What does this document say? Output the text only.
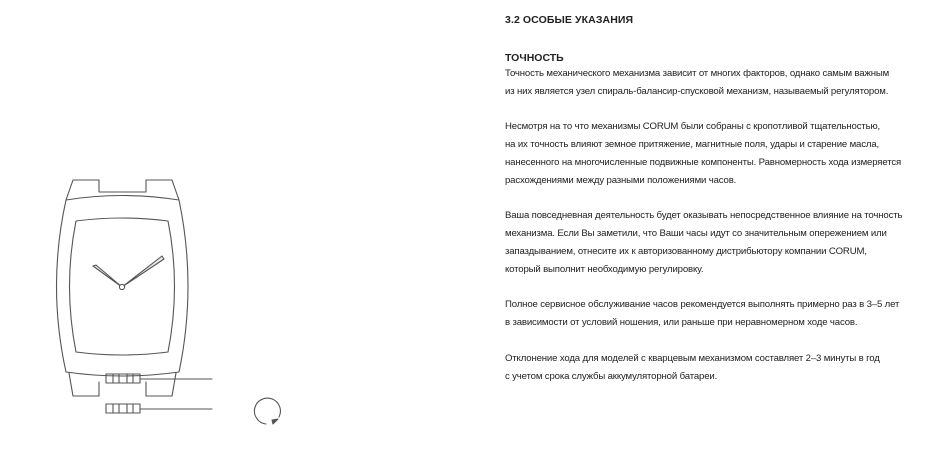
3.2 ОСОБЫЕ УКАЗАНИЯ
ТОЧНОСТЬ

Точность механического механизма зависит от многих факторов, однако самым важным
из них является узел спираль-балансир-спусковой механизм, называемый регулятором.

Несмотря на то что механизмы CORUM были собраны с кропотливой тщательностью,
на их точность влияют земное притяжение, магнитные поля, удары и старение масла,
нанесенного на многочисленные подвижные компоненты. Равномерность хода измеряется
расхождениями между разными положениями часов.

Ваша повседневная деятельность будет оказывать непосредственное влияние на точность
механизма. Если Вы заметили, что Ваши часы идут со значительным опережением или
запаздыванием, отнесите их к авторизованному дистрибьютору компании CORUM,
который выполнит необходимую регулировку.

Полное сервисное обслуживание часов рекомендуется выполнять примерно раз в 3–5 лет
в зависимости от условий ношения, или раньше при неравномерном ходе часов.

Отклонение хода для моделей с кварцевым механизмом составляет 2–3 минуты в год
с учетом срока службы аккумуляторной батареи.
